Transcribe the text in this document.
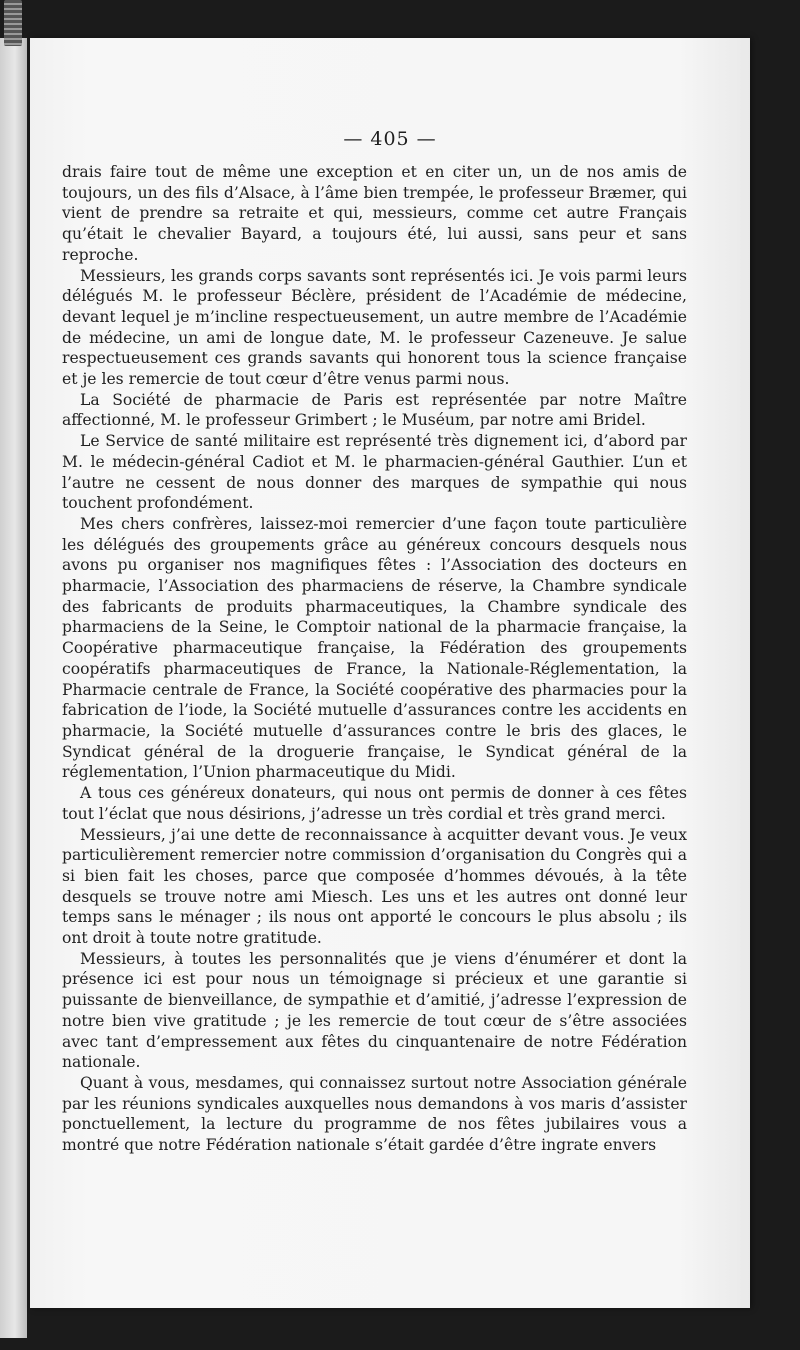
— 405 —

drais faire tout de même une exception et en citer un, un de nos amis de toujours, un des fils d’Alsace, à l’âme bien trempée, le professeur Bræmer, qui vient de prendre sa retraite et qui, messieurs, comme cet autre Français qu’était le chevalier Bayard, a toujours été, lui aussi, sans peur et sans reproche.

Messieurs, les grands corps savants sont représentés ici. Je vois parmi leurs délégués M. le professeur Béclère, président de l’Académie de médecine, devant lequel je m’incline respectueusement, un autre membre de l’Académie de médecine, un ami de longue date, M. le professeur Cazeneuve. Je salue respectueusement ces grands savants qui honorent tous la science française et je les remercie de tout cœur d’être venus parmi nous.

La Société de pharmacie de Paris est représentée par notre Maître affectionné, M. le professeur Grimbert ; le Muséum, par notre ami Bridel.

Le Service de santé militaire est représenté très dignement ici, d’abord par M. le médecin-général Cadiot et M. le pharmacien-général Gauthier. L’un et l’autre ne cessent de nous donner des marques de sympathie qui nous touchent profondément.

Mes chers confrères, laissez-moi remercier d’une façon toute particulière les délégués des groupements grâce au généreux concours desquels nous avons pu organiser nos magnifiques fêtes : l’Association des docteurs en pharmacie, l’Association des pharmaciens de réserve, la Chambre syndicale des fabricants de produits pharmaceutiques, la Chambre syndicale des pharmaciens de la Seine, le Comptoir national de la pharmacie française, la Coopérative pharmaceutique française, la Fédération des groupements coopératifs pharmaceutiques de France, la Nationale-Réglementation, la Pharmacie centrale de France, la Société coopérative des pharmacies pour la fabrication de l’iode, la Société mutuelle d’assurances contre les accidents en pharmacie, la Société mutuelle d’assurances contre le bris des glaces, le Syndicat général de la droguerie française, le Syndicat général de la réglementation, l’Union pharmaceutique du Midi.

A tous ces généreux donateurs, qui nous ont permis de donner à ces fêtes tout l’éclat que nous désirions, j’adresse un très cordial et très grand merci.

Messieurs, j’ai une dette de reconnaissance à acquitter devant vous. Je veux particulièrement remercier notre commission d’organisation du Congrès qui a si bien fait les choses, parce que composée d’hommes dévoués, à la tête desquels se trouve notre ami Miesch. Les uns et les autres ont donné leur temps sans le ménager ; ils nous ont apporté le concours le plus absolu ; ils ont droit à toute notre gratitude.

Messieurs, à toutes les personnalités que je viens d’énumérer et dont la présence ici est pour nous un témoignage si précieux et une garantie si puissante de bienveillance, de sympathie et d’amitié, j’adresse l’expression de notre bien vive gratitude ; je les remercie de tout cœur de s’être associées avec tant d’empressement aux fêtes du cinquantenaire de notre Fédération nationale.

Quant à vous, mesdames, qui connaissez surtout notre Association générale par les réunions syndicales auxquelles nous demandons à vos maris d’assister ponctuellement, la lecture du programme de nos fêtes jubilaires vous a montré que notre Fédération nationale s’était gardée d’être ingrate envers
